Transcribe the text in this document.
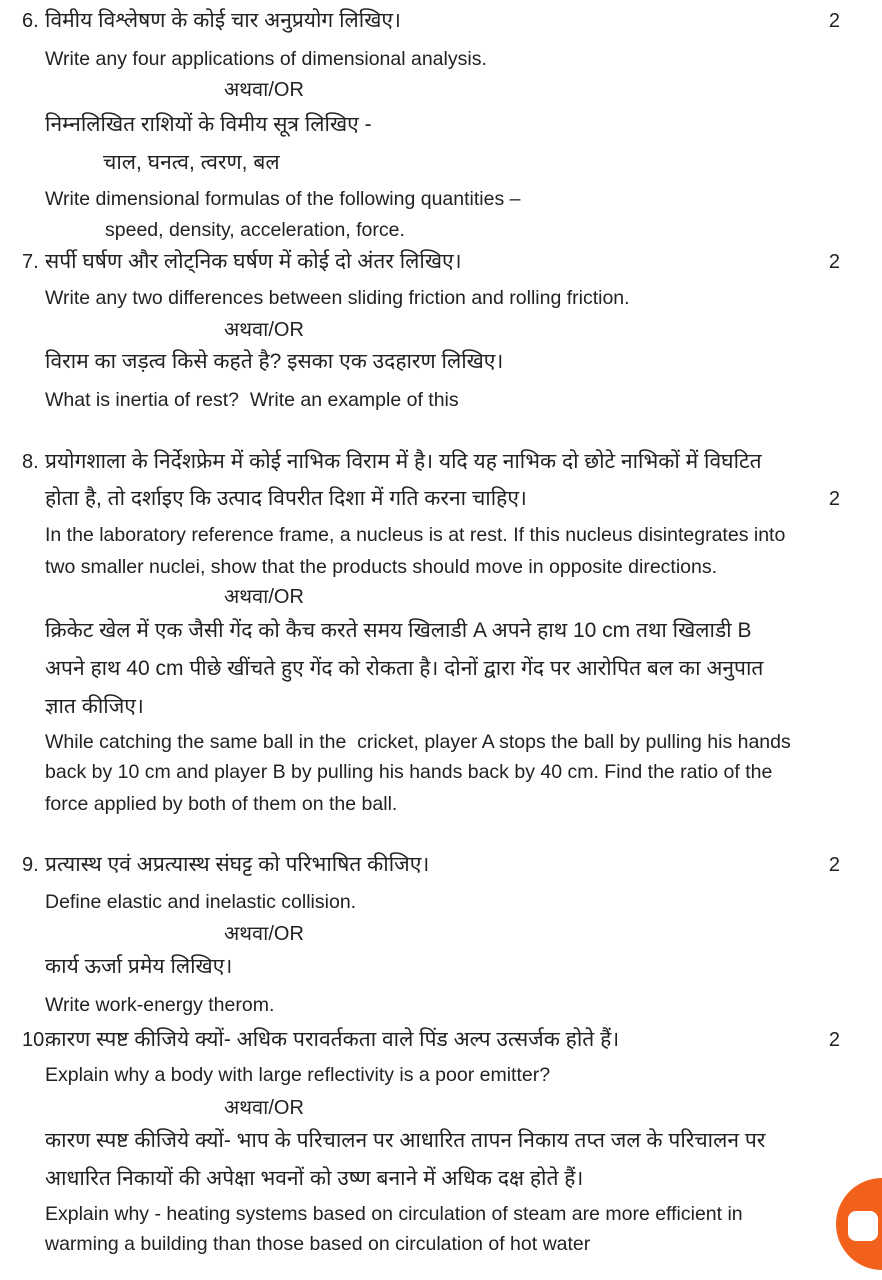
6. विमीय विश्लेषण के कोई चार अनुप्रयोग लिखिए।	2
Write any four applications of dimensional analysis.
अथवा/OR
निम्नलिखित राशियों के विमीय सूत्र लिखिए -
चाल, घनत्व, त्वरण, बल
Write dimensional formulas of the following quantities –
speed, density, acceleration, force.
7. सर्पी घर्षण और लोट्निक घर्षण में कोई दो अंतर लिखिए।	2
Write any two differences between sliding friction and rolling friction.
अथवा/OR
विराम का जड़त्व किसे कहते है? इसका एक उदहारण लिखिए।
What is inertia of rest?  Write an example of this
8. प्रयोगशाला के निर्देशफ्रेम में कोई नाभिक विराम में है। यदि यह नाभिक दो छोटे नाभिकों में विघटित
होता है, तो दर्शाइए कि उत्पाद विपरीत दिशा में गति करना चाहिए।	2
In the laboratory reference frame, a nucleus is at rest. If this nucleus disintegrates into
two smaller nuclei, show that the products should move in opposite directions.
अथवा/OR
क्रिकेट खेल में एक जैसी गेंद को कैच करते समय खिलाडी A अपने हाथ 10 cm तथा खिलाडी B
अपने हाथ 40 cm पीछे खींचते हुए गेंद को रोकता है। दोनों द्वारा गेंद पर आरोपित बल का अनुपात
ज्ञात कीजिए।
While catching the same ball in the  cricket, player A stops the ball by pulling his hands
back by 10 cm and player B by pulling his hands back by 40 cm. Find the ratio of the
force applied by both of them on the ball.
9. प्रत्यास्थ एवं अप्रत्यास्थ संघट्ट को परिभाषित कीजिए।	2
Define elastic and inelastic collision.
अथवा/OR
कार्य ऊर्जा प्रमेय लिखिए।
Write work-energy therom.
10.कारण स्पष्ट कीजिये क्यों- अधिक परावर्तकता वाले पिंड अल्प उत्सर्जक होते हैं।	2
Explain why a body with large reflectivity is a poor emitter?
अथवा/OR
कारण स्पष्ट कीजिये क्यों- भाप के परिचालन पर आधारित तापन निकाय तप्त जल के परिचालन पर
आधारित निकायों की अपेक्षा भवनों को उष्ण बनाने में अधिक दक्ष होते हैं।
Explain why - heating systems based on circulation of steam are more efficient in
warming a building than those based on circulation of hot water
